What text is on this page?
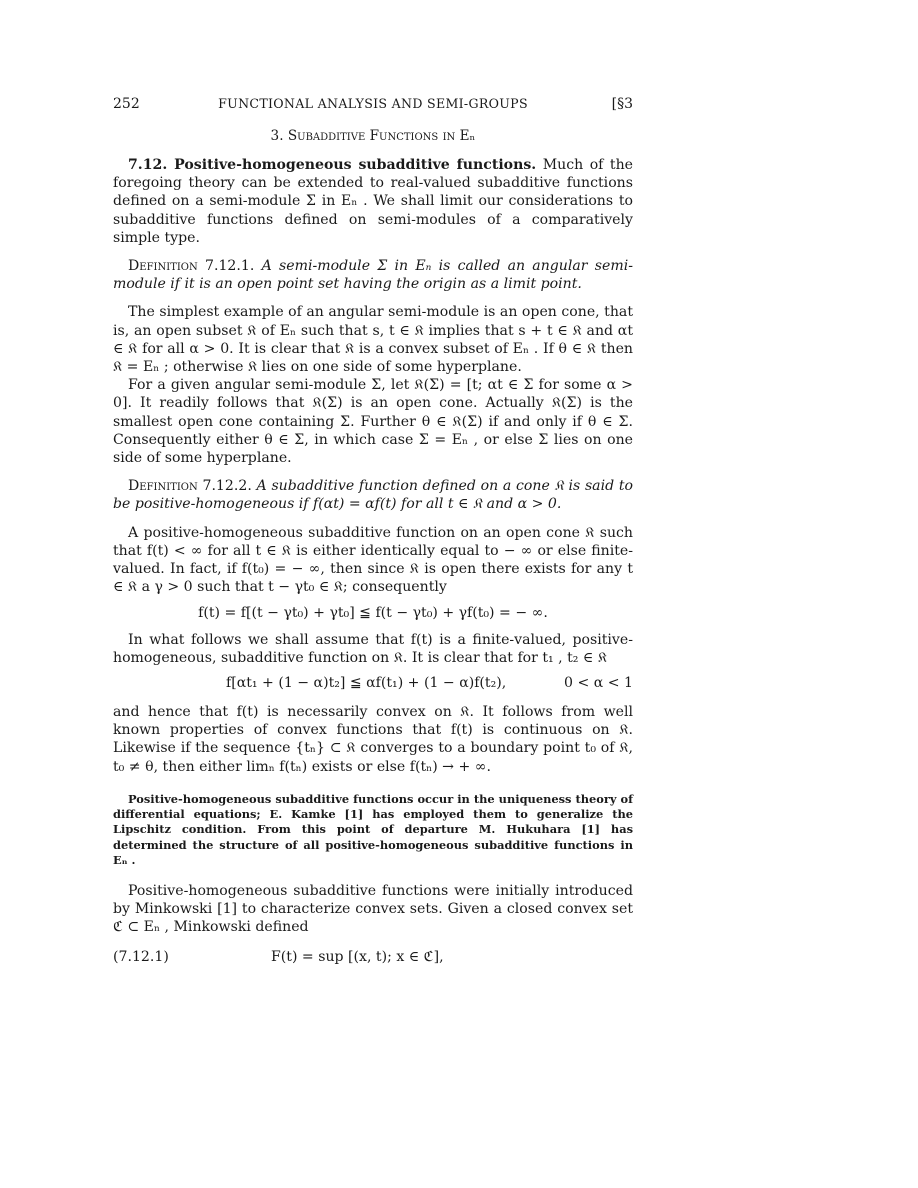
252	FUNCTIONAL ANALYSIS AND SEMI-GROUPS	[§3
3. Subadditive Functions in Eₙ

7.12. Positive-homogeneous subadditive functions. Much of the foregoing theory can be extended to real-valued subadditive functions defined on a semi-module Σ in Eₙ . We shall limit our considerations to subadditive functions defined on semi-modules of a comparatively simple type.

Definition 7.12.1. A semi-module Σ in Eₙ is called an angular semi-module if it is an open point set having the origin as a limit point.

The simplest example of an angular semi-module is an open cone, that is, an open subset 𝔎 of Eₙ such that s, t ∈ 𝔎 implies that s + t ∈ 𝔎 and αt ∈ 𝔎 for all α > 0. It is clear that 𝔎 is a convex subset of Eₙ . If θ ∈ 𝔎 then 𝔎 = Eₙ ; otherwise 𝔎 lies on one side of some hyperplane.

For a given angular semi-module Σ, let 𝔎(Σ) = [t; αt ∈ Σ for some α > 0]. It readily follows that 𝔎(Σ) is an open cone. Actually 𝔎(Σ) is the smallest open cone containing Σ. Further θ ∈ 𝔎(Σ) if and only if θ ∈ Σ. Consequently either θ ∈ Σ, in which case Σ = Eₙ , or else Σ lies on one side of some hyperplane.

Definition 7.12.2. A subadditive function defined on a cone 𝔎 is said to be positive-homogeneous if f(αt) = αf(t) for all t ∈ 𝔎 and α > 0.

A positive-homogeneous subadditive function on an open cone 𝔎 such that f(t) < ∞ for all t ∈ 𝔎 is either identically equal to − ∞ or else finite-valued. In fact, if f(t₀) = − ∞, then since 𝔎 is open there exists for any t ∈ 𝔎 a γ > 0 such that t − γt₀ ∈ 𝔎; consequently

f(t) = f[(t − γt₀) + γt₀] ≦ f(t − γt₀) + γf(t₀) = − ∞.

In what follows we shall assume that f(t) is a finite-valued, positive-homogeneous, subadditive function on 𝔎. It is clear that for t₁ , t₂ ∈ 𝔎

f[αt₁ + (1 − α)t₂] ≦ αf(t₁) + (1 − α)f(t₂),	0 < α < 1

and hence that f(t) is necessarily convex on 𝔎. It follows from well known properties of convex functions that f(t) is continuous on 𝔎. Likewise if the sequence {tₙ} ⊂ 𝔎 converges to a boundary point t₀ of 𝔎, t₀ ≠ θ, then either limₙ f(tₙ) exists or else f(tₙ) → + ∞.

Positive-homogeneous subadditive functions occur in the uniqueness theory of differential equations; E. Kamke [1] has employed them to generalize the Lipschitz condition. From this point of departure M. Hukuhara [1] has determined the structure of all positive-homogeneous subadditive functions in Eₙ .

Positive-homogeneous subadditive functions were initially introduced by Minkowski [1] to characterize convex sets. Given a closed convex set ℭ ⊂ Eₙ , Minkowski defined

(7.12.1)	F(t) = sup [(x, t); x ∈ ℭ],
